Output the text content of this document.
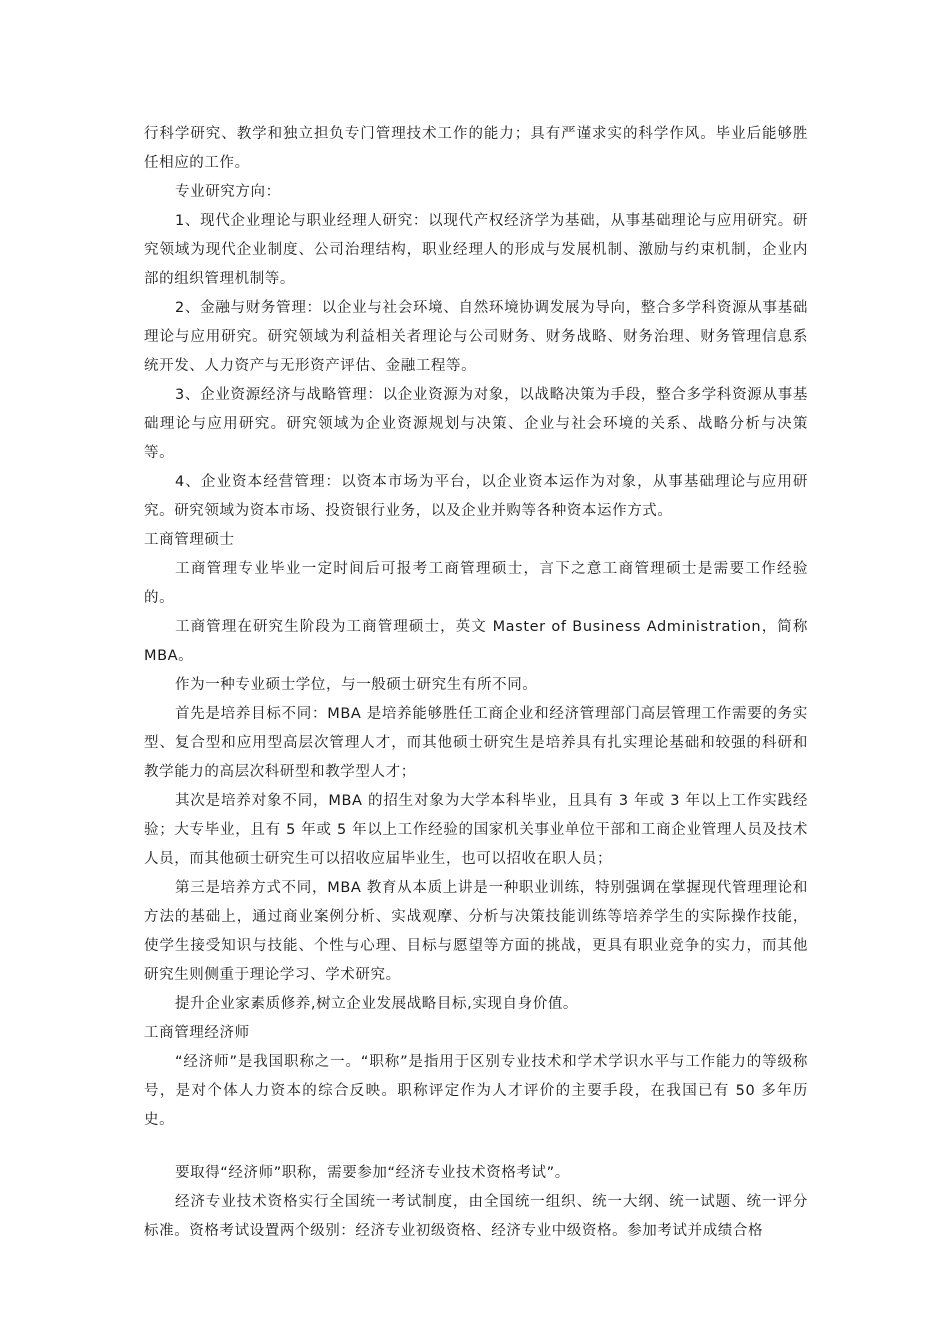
行科学研究、教学和独立担负专门管理技术工作的能力；具有严谨求实的科学作风。毕业后能够胜任相应的工作。

专业研究方向：

1、现代企业理论与职业经理人研究：以现代产权经济学为基础，从事基础理论与应用研究。研究领域为现代企业制度、公司治理结构，职业经理人的形成与发展机制、激励与约束机制，企业内部的组织管理机制等。

2、金融与财务管理：以企业与社会环境、自然环境协调发展为导向，整合多学科资源从事基础理论与应用研究。研究领域为利益相关者理论与公司财务、财务战略、财务治理、财务管理信息系统开发、人力资产与无形资产评估、金融工程等。

3、企业资源经济与战略管理：以企业资源为对象，以战略决策为手段，整合多学科资源从事基础理论与应用研究。研究领域为企业资源规划与决策、企业与社会环境的关系、战略分析与决策等。

4、企业资本经营管理：以资本市场为平台，以企业资本运作为对象，从事基础理论与应用研究。研究领域为资本市场、投资银行业务，以及企业并购等各种资本运作方式。

工商管理硕士

工商管理专业毕业一定时间后可报考工商管理硕士，言下之意工商管理硕士是需要工作经验的。

工商管理在研究生阶段为工商管理硕士，英文 Master of Business Administration，简称 MBA。

作为一种专业硕士学位，与一般硕士研究生有所不同。

首先是培养目标不同：MBA 是培养能够胜任工商企业和经济管理部门高层管理工作需要的务实型、复合型和应用型高层次管理人才，而其他硕士研究生是培养具有扎实理论基础和较强的科研和教学能力的高层次科研型和教学型人才；

其次是培养对象不同，MBA 的招生对象为大学本科毕业，且具有 3 年或 3 年以上工作实践经验；大专毕业，且有 5 年或 5 年以上工作经验的国家机关事业单位干部和工商企业管理人员及技术人员，而其他硕士研究生可以招收应届毕业生，也可以招收在职人员；

第三是培养方式不同，MBA 教育从本质上讲是一种职业训练，特别强调在掌握现代管理理论和方法的基础上，通过商业案例分析、实战观摩、分析与决策技能训练等培养学生的实际操作技能，使学生接受知识与技能、个性与心理、目标与愿望等方面的挑战，更具有职业竞争的实力，而其他研究生则侧重于理论学习、学术研究。

提升企业家素质修养,树立企业发展战略目标,实现自身价值。

工商管理经济师

“经济师”是我国职称之一。“职称”是指用于区别专业技术和学术学识水平与工作能力的等级称号，是对个体人力资本的综合反映。职称评定作为人才评价的主要手段，在我国已有 50 多年历史。

要取得“经济师”职称，需要参加“经济专业技术资格考试”。

经济专业技术资格实行全国统一考试制度，由全国统一组织、统一大纲、统一试题、统一评分标准。资格考试设置两个级别：经济专业初级资格、经济专业中级资格。参加考试并成绩合格
